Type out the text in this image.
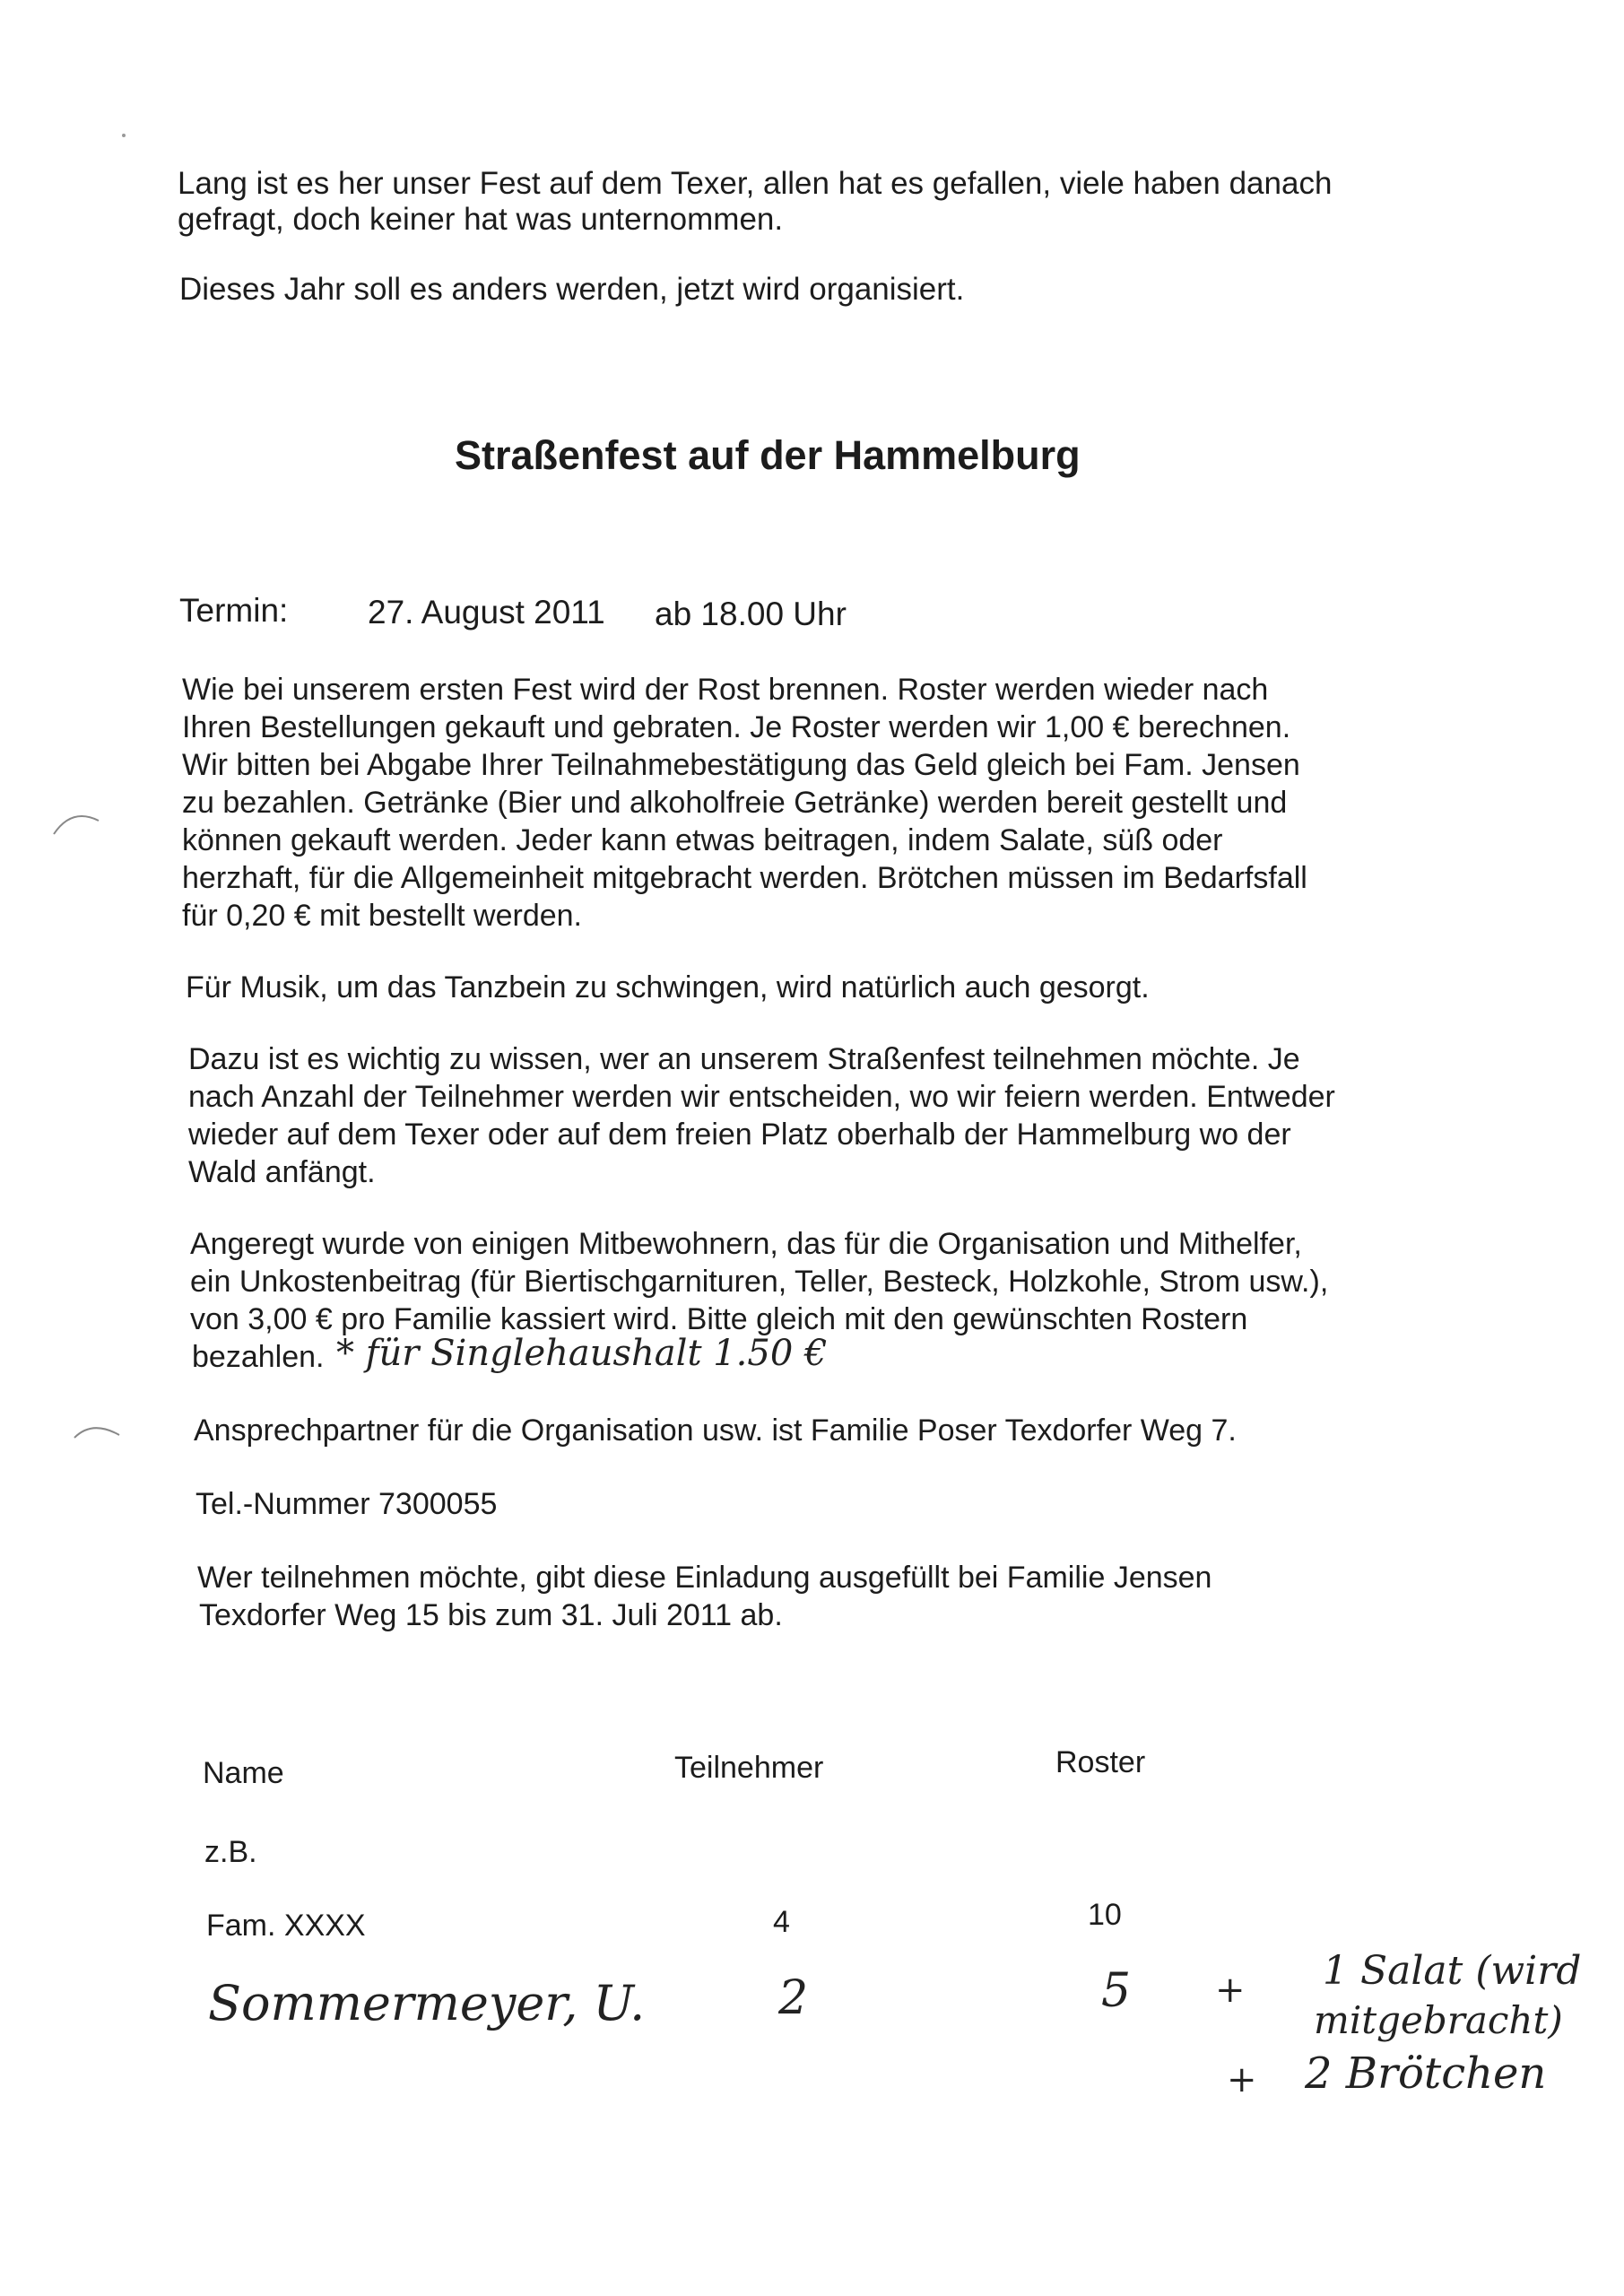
Lang ist es her unser Fest auf dem Texer, allen hat es gefallen, viele haben danach

gefragt, doch keiner hat was unternommen.

Dieses Jahr soll es anders werden, jetzt wird organisiert.

Straßenfest auf der Hammelburg
Termin: 27. August 2011 ab 18.00 Uhr

Wie bei unserem ersten Fest wird der Rost brennen. Roster werden wieder nach

Ihren Bestellungen gekauft und gebraten. Je Roster werden wir 1,00 € berechnen.

Wir bitten bei Abgabe Ihrer Teilnahmebestätigung das Geld gleich bei Fam. Jensen

zu bezahlen. Getränke (Bier und alkoholfreie Getränke) werden bereit gestellt und

können gekauft werden. Jeder kann etwas beitragen, indem Salate, süß oder

herzhaft, für die Allgemeinheit mitgebracht werden. Brötchen müssen im Bedarfsfall

für 0,20 € mit bestellt werden.

Für Musik, um das Tanzbein zu schwingen, wird natürlich auch gesorgt.

Dazu ist es wichtig zu wissen, wer an unserem Straßenfest teilnehmen möchte. Je

nach Anzahl der Teilnehmer werden wir entscheiden, wo wir feiern werden. Entweder

wieder auf dem Texer oder auf dem freien Platz oberhalb der Hammelburg wo der

Wald anfängt.

Angeregt wurde von einigen Mitbewohnern, das für die Organisation und Mithelfer,

ein Unkostenbeitrag (für Biertischgarnituren, Teller, Besteck, Holzkohle, Strom usw.),

von 3,00 € pro Familie kassiert wird. Bitte gleich mit den gewünschten Rostern

bezahlen. * für Singlehaushalt 1.50 €

Ansprechpartner für die Organisation usw. ist Familie Poser Texdorfer Weg 7.

Tel.-Nummer 7300055

Wer teilnehmen möchte, gibt diese Einladung ausgefüllt bei Familie Jensen

Texdorfer Weg 15 bis zum 31. Juli 2011 ab.

Name	Teilnehmer	Roster
z.B.
Fam. XXXX	4	10
Sommermeyer, U.	2	5 + 1 Salat (wird
mitgebracht)
+ 2 Brötchen
